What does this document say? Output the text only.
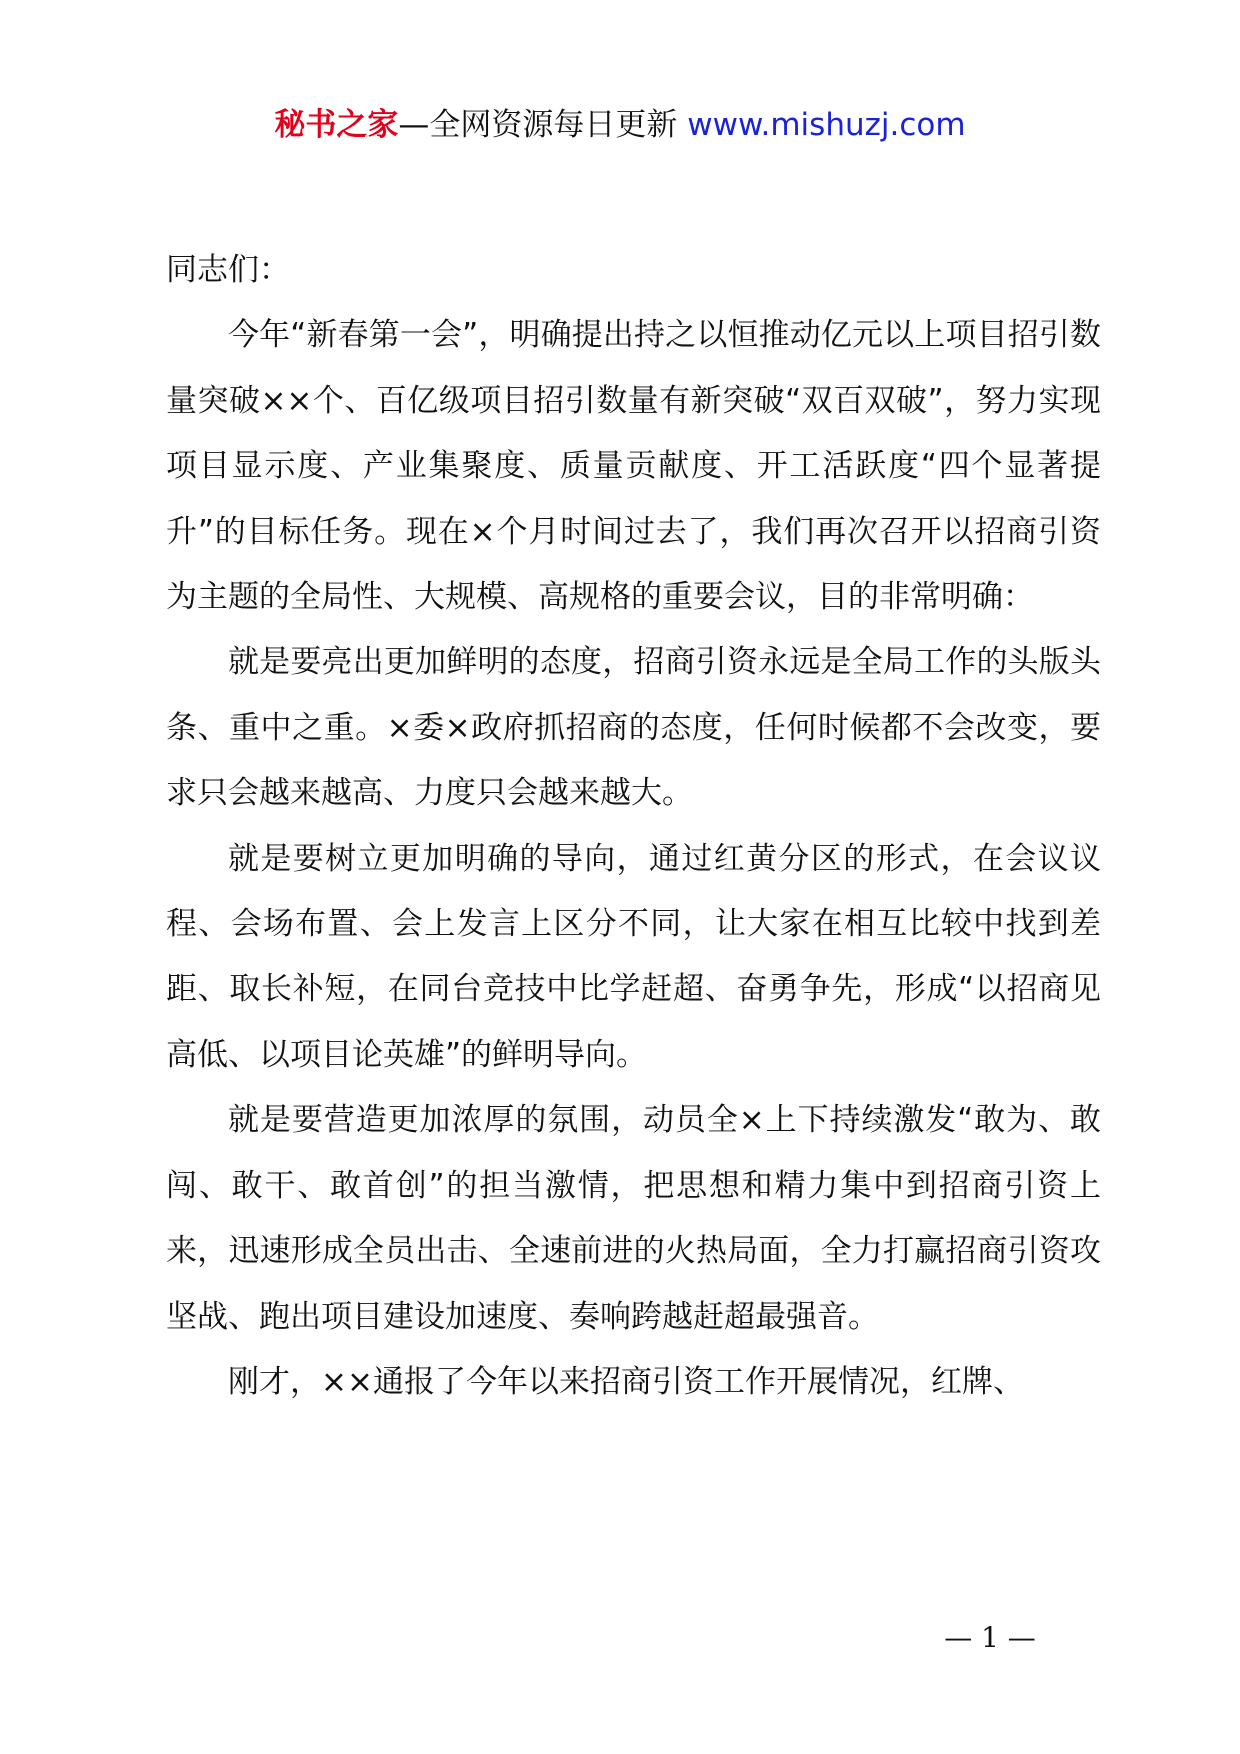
秘书之家—全网资源每日更新 www.mishuzj.com

同志们：

今年“新春第一会”，明确提出持之以恒推动亿元以上项目招引数量突破××个、百亿级项目招引数量有新突破“双百双破”，努力实现项目显示度、产业集聚度、质量贡献度、开工活跃度“四个显著提升”的目标任务。现在×个月时间过去了，我们再次召开以招商引资为主题的全局性、大规模、高规格的重要会议，目的非常明确：

就是要亮出更加鲜明的态度，招商引资永远是全局工作的头版头条、重中之重。×委×政府抓招商的态度，任何时候都不会改变，要求只会越来越高、力度只会越来越大。

就是要树立更加明确的导向，通过红黄分区的形式，在会议议程、会场布置、会上发言上区分不同，让大家在相互比较中找到差距、取长补短，在同台竞技中比学赶超、奋勇争先，形成“以招商见高低、以项目论英雄”的鲜明导向。

就是要营造更加浓厚的氛围，动员全×上下持续激发“敢为、敢闯、敢干、敢首创”的担当激情，把思想和精力集中到招商引资上来，迅速形成全员出击、全速前进的火热局面，全力打赢招商引资攻坚战、跑出项目建设加速度、奏响跨越赶超最强音。

刚才，××通报了今年以来招商引资工作开展情况，红牌、

— 1 —
